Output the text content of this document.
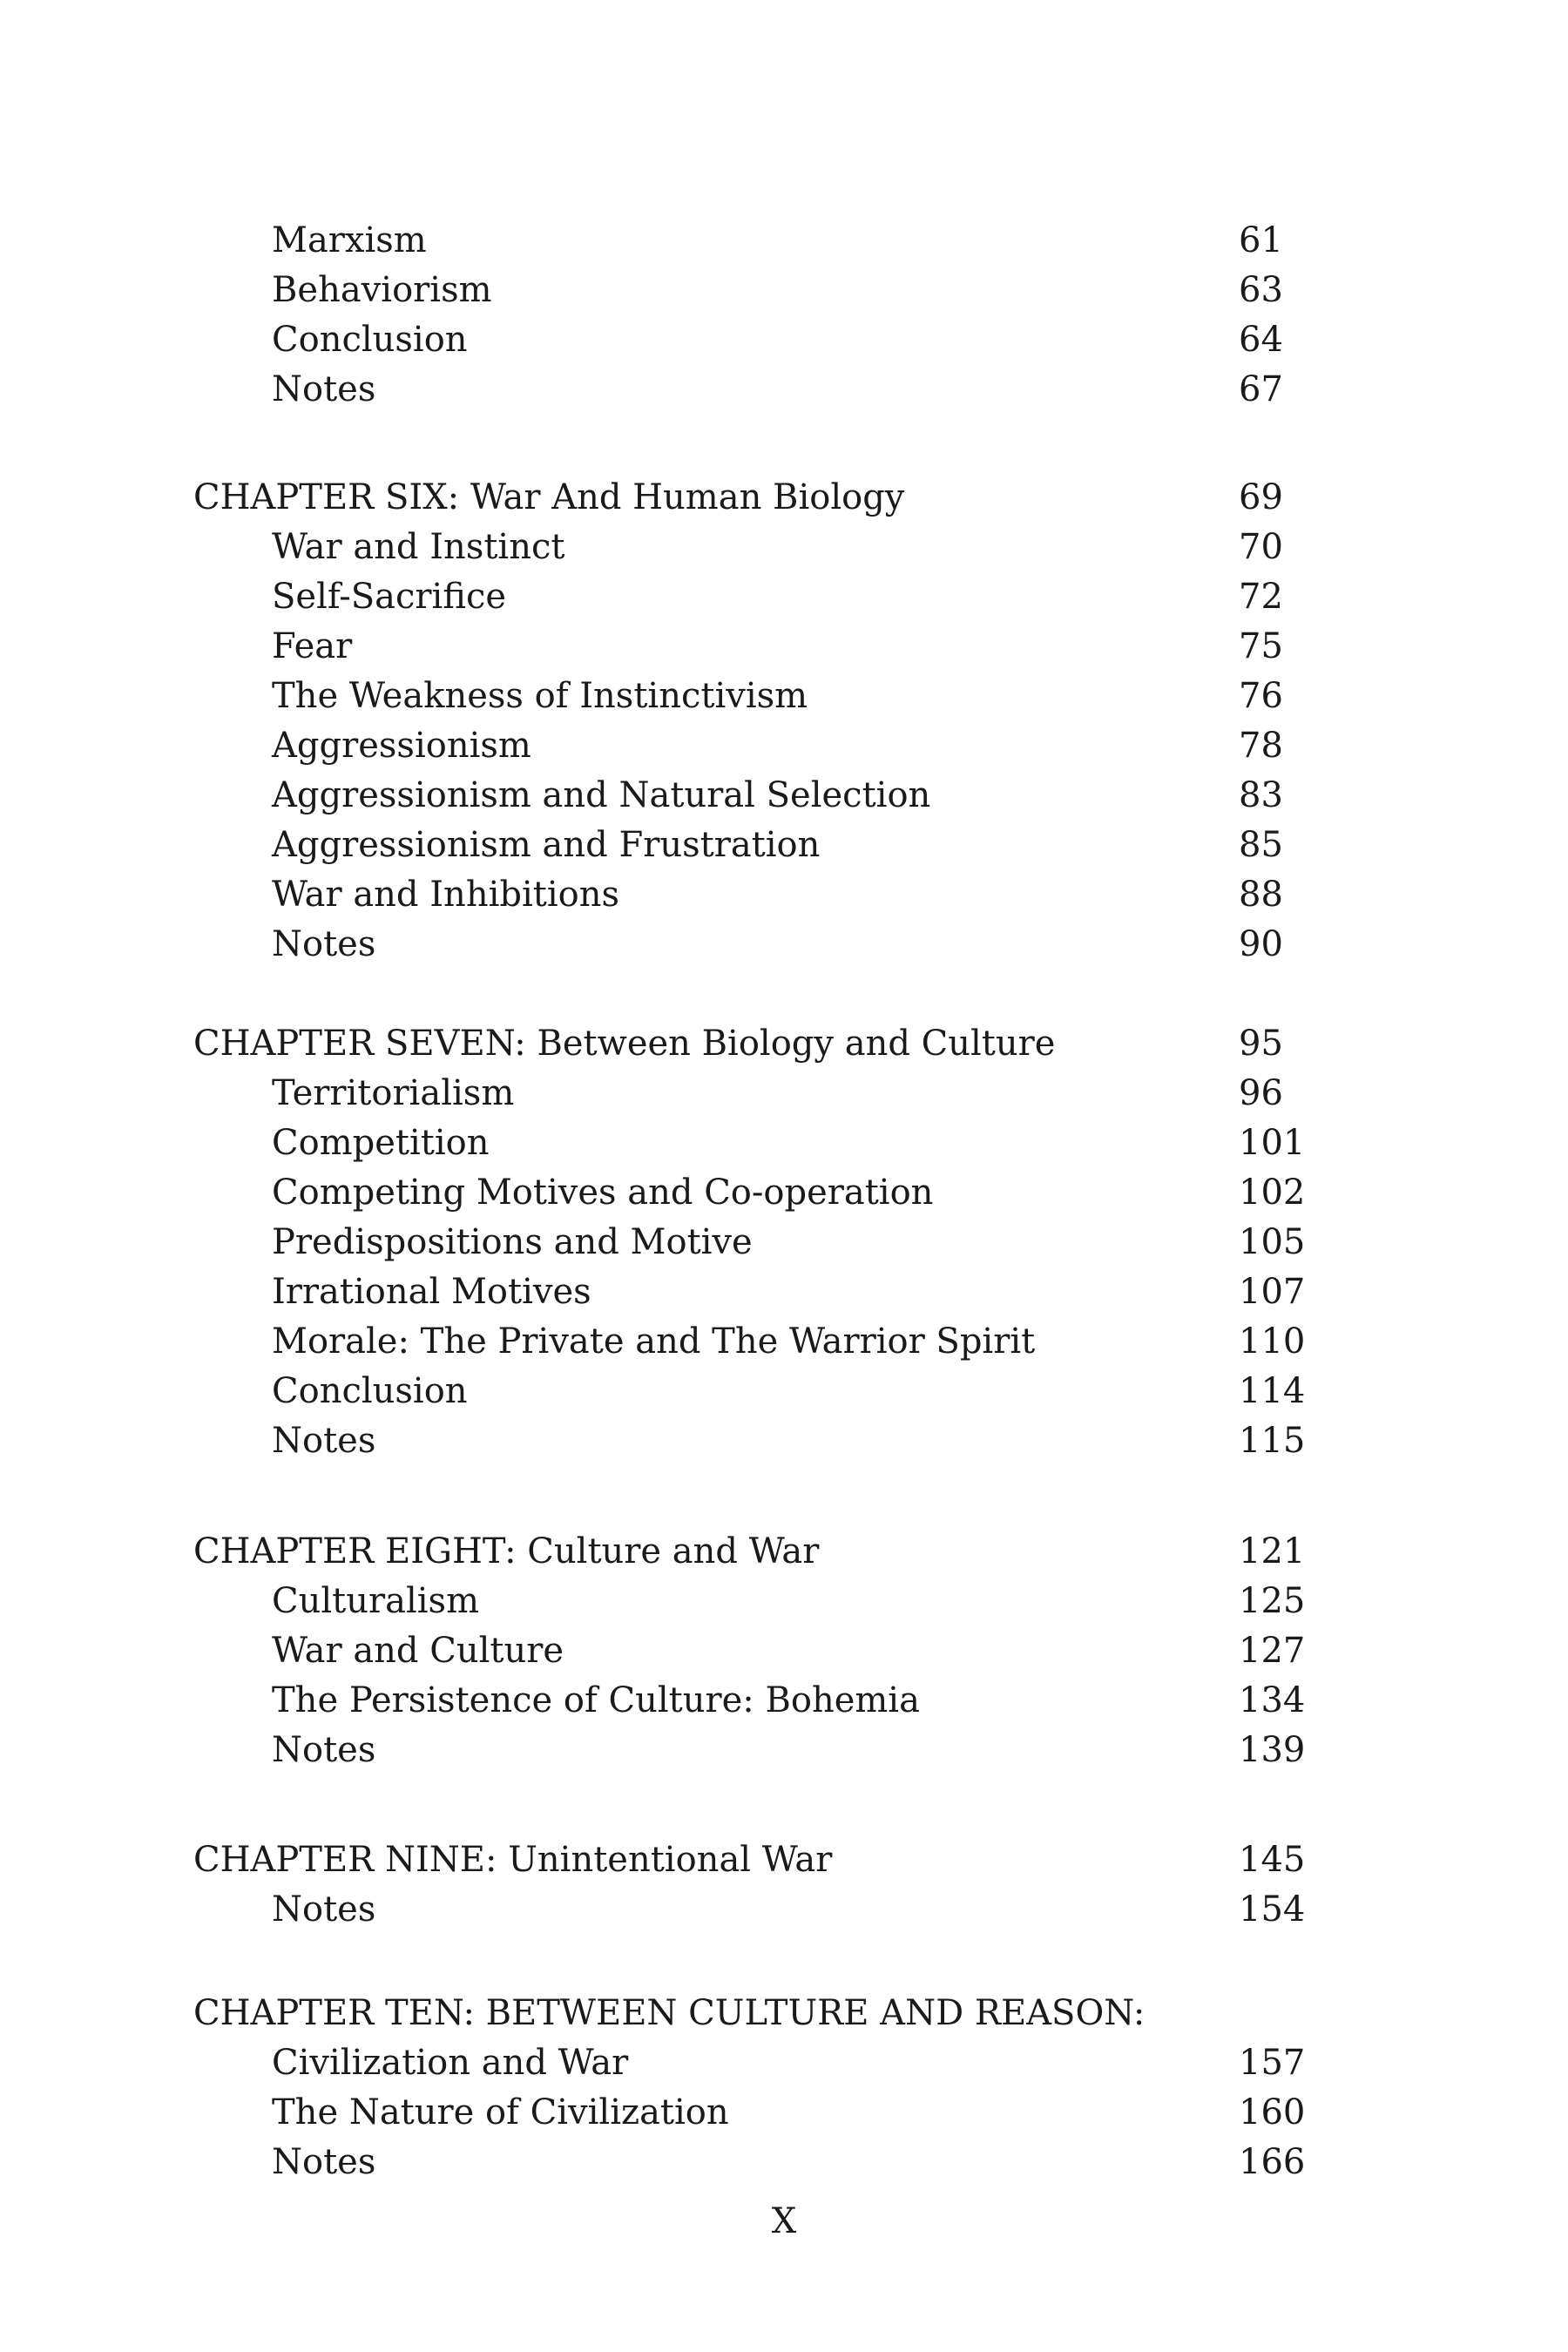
Marxism	61
Behaviorism	63
Conclusion	64
Notes	67
CHAPTER SIX: War And Human Biology	69
War and Instinct	70
Self-Sacrifice	72
Fear	75
The Weakness of Instinctivism	76
Aggressionism	78
Aggressionism and Natural Selection	83
Aggressionism and Frustration	85
War and Inhibitions	88
Notes	90
CHAPTER SEVEN: Between Biology and Culture	95
Territorialism	96
Competition	101
Competing Motives and Co-operation	102
Predispositions and Motive	105
Irrational Motives	107
Morale: The Private and The Warrior Spirit	110
Conclusion	114
Notes	115
CHAPTER EIGHT: Culture and War	121
Culturalism	125
War and Culture	127
The Persistence of Culture: Bohemia	134
Notes	139
CHAPTER NINE: Unintentional War	145
Notes	154
CHAPTER TEN: BETWEEN CULTURE AND REASON:
Civilization and War	157
The Nature of Civilization	160
Notes	166
X
